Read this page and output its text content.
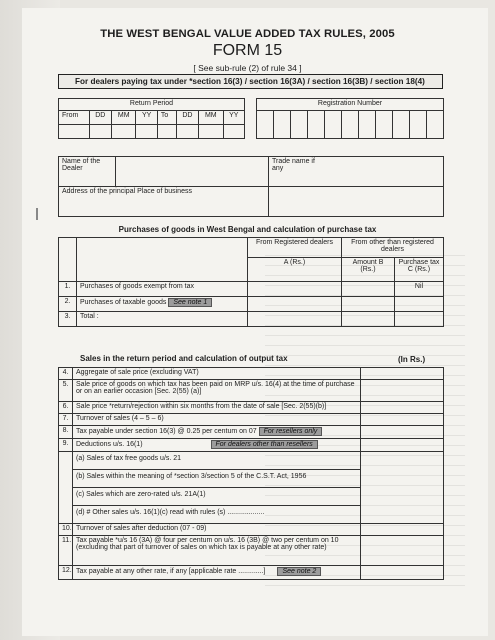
THE WEST BENGAL VALUE ADDED TAX RULES, 2005
FORM 15
[ See sub-rule (2) of rule 34 ]
For dealers paying tax under *section 16(3) / section 16(3A) / section 16(3B) / section 18(4)
Return Period							
From	DD	MM	YY	To	DD	MM	YY

Registration Number

Name of the Dealer		Trade name if any	
Address of the principal Place of business			
Purchases of goods in West Bengal and calculation of purchase tax
		From Registered dealers	From other than registered dealers	
		A (Rs.)	Amount B (Rs.)	Purchase tax C (Rs.)
1.	Purchases of goods exempt from tax			Nil
2.	Purchases of taxable goods See note 1			
3.	Total :			
Sales in the return period and calculation of output tax	(In Rs.)
4.	Aggregate of sale price (excluding VAT)	
5.	Sale price of goods on which tax has been paid on MRP u/s. 16(4) at the time of purchase or on an earlier occasion [Sec. 2(55) (a)]	
6.	Sale price *return/rejection within six months from the date of sale [Sec. 2(55)(b)]	
7.	Turnover of sales (4 – 5 – 6)	
8.	Tax payable under section 16(3) @ 0.25 per centum on 07 For resellers only	
9.	Deductions u/s. 16(1) For dealers other than resellers	

	(a) Sales of tax free goods u/s. 21
(b) Sales within the meaning of *section 3/section 5 of the C.S.T. Act, 1956
(c) Sales which are zero-rated u/s. 21A(1)
(d) # Other sales u/s. 16(1)(c) read with rules (s) ...................	

10.	Turnover of sales after deduction (07 - 09)	
11.	Tax payable *u/s 16 (3A) @ four per centum on u/s. 16 (3B) @ two per centum on 10 (excluding that part of turnover of sales on which tax is payable at any other rate)	
12.	Tax payable at any other rate, if any [applicable rate .............] See note 2	
